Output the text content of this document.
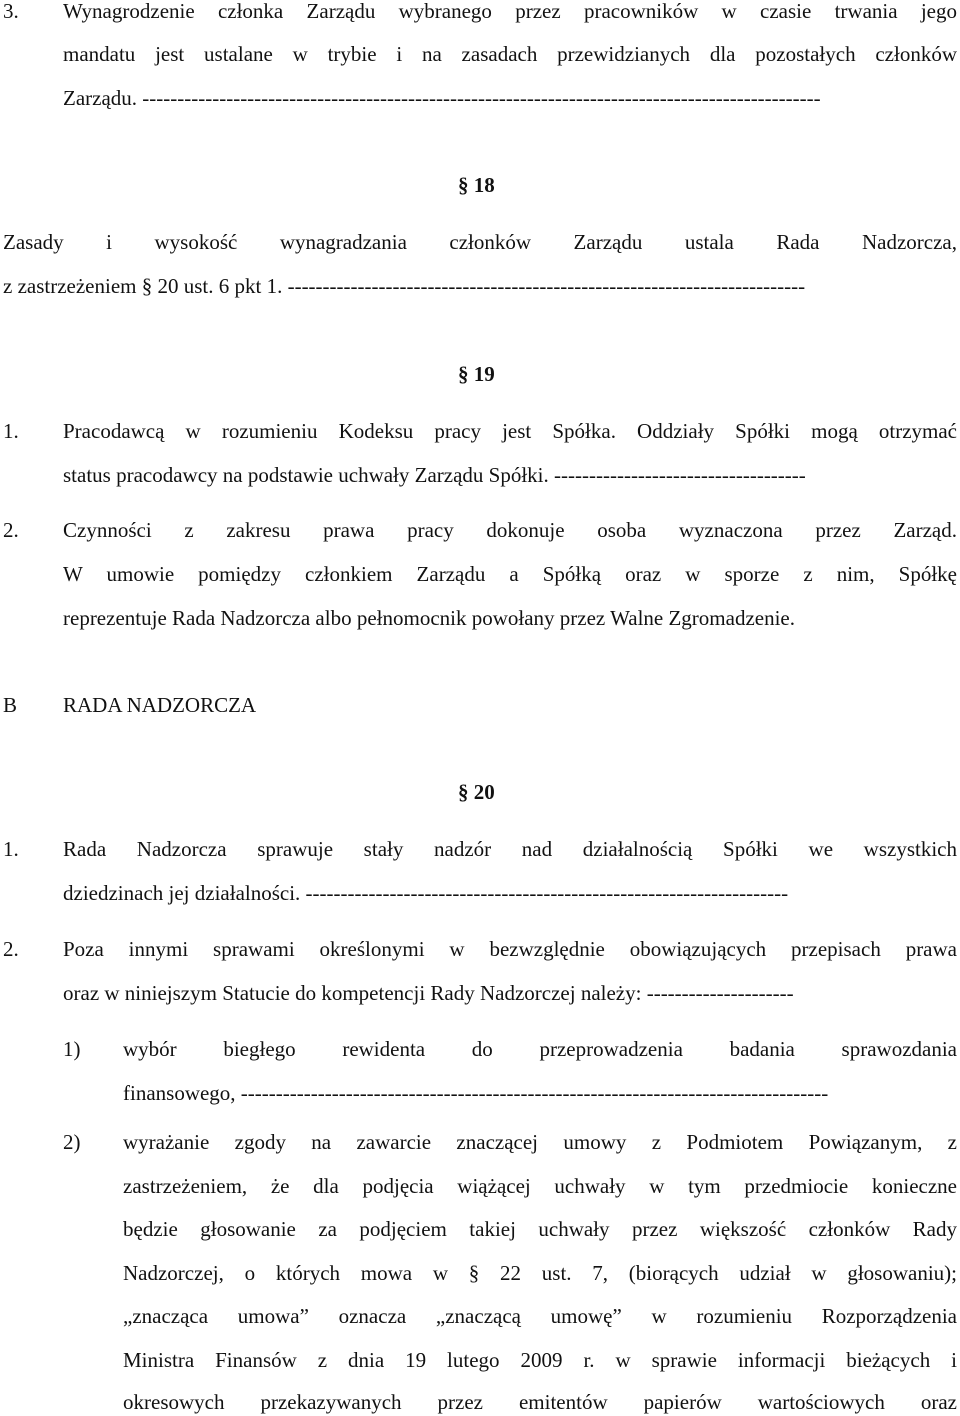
3. Wynagrodzenie członka Zarządu wybranego przez pracowników w czasie trwania jego
mandatu jest ustalane w trybie i na zasadach przewidzianych dla pozostałych członków
Zarządu. -------------------------------------------------------------------------------------------------
§ 18
Zasady i wysokość wynagradzania członków Zarządu ustala Rada Nadzorcza,
z zastrzeżeniem § 20 ust. 6 pkt 1. --------------------------------------------------------------------------
§ 19
1. Pracodawcą w rozumieniu Kodeksu pracy jest Spółka. Oddziały Spółki mogą otrzymać
status pracodawcy na podstawie uchwały Zarządu Spółki. ------------------------------------
2. Czynności z zakresu prawa pracy dokonuje osoba wyznaczona przez Zarząd.
W umowie pomiędzy członkiem Zarządu a Spółką oraz w sporze z nim, Spółkę
reprezentuje Rada Nadzorcza albo pełnomocnik powołany przez Walne Zgromadzenie.
B RADA NADZORCZA
§ 20
1. Rada Nadzorcza sprawuje stały nadzór nad działalnością Spółki we wszystkich
dziedzinach jej działalności. ---------------------------------------------------------------------
2. Poza innymi sprawami określonymi w bezwzględnie obowiązujących przepisach prawa
oraz w niniejszym Statucie do kompetencji Rady Nadzorczej należy: ---------------------
1) wybór biegłego rewidenta do przeprowadzenia badania sprawozdania
finansowego, ------------------------------------------------------------------------------------
2) wyrażanie zgody na zawarcie znaczącej umowy z Podmiotem Powiązanym, z
zastrzeżeniem, że dla podjęcia wiążącej uchwały w tym przedmiocie konieczne
będzie głosowanie za podjęciem takiej uchwały przez większość członków Rady
Nadzorczej, o których mowa w § 22 ust. 7, (biorących udział w głosowaniu);
„znacząca umowa” oznacza „znaczącą umowę” w rozumieniu Rozporządzenia
Ministra Finansów z dnia 19 lutego 2009 r. w sprawie informacji bieżących i
okresowych przekazywanych przez emitentów papierów wartościowych oraz
